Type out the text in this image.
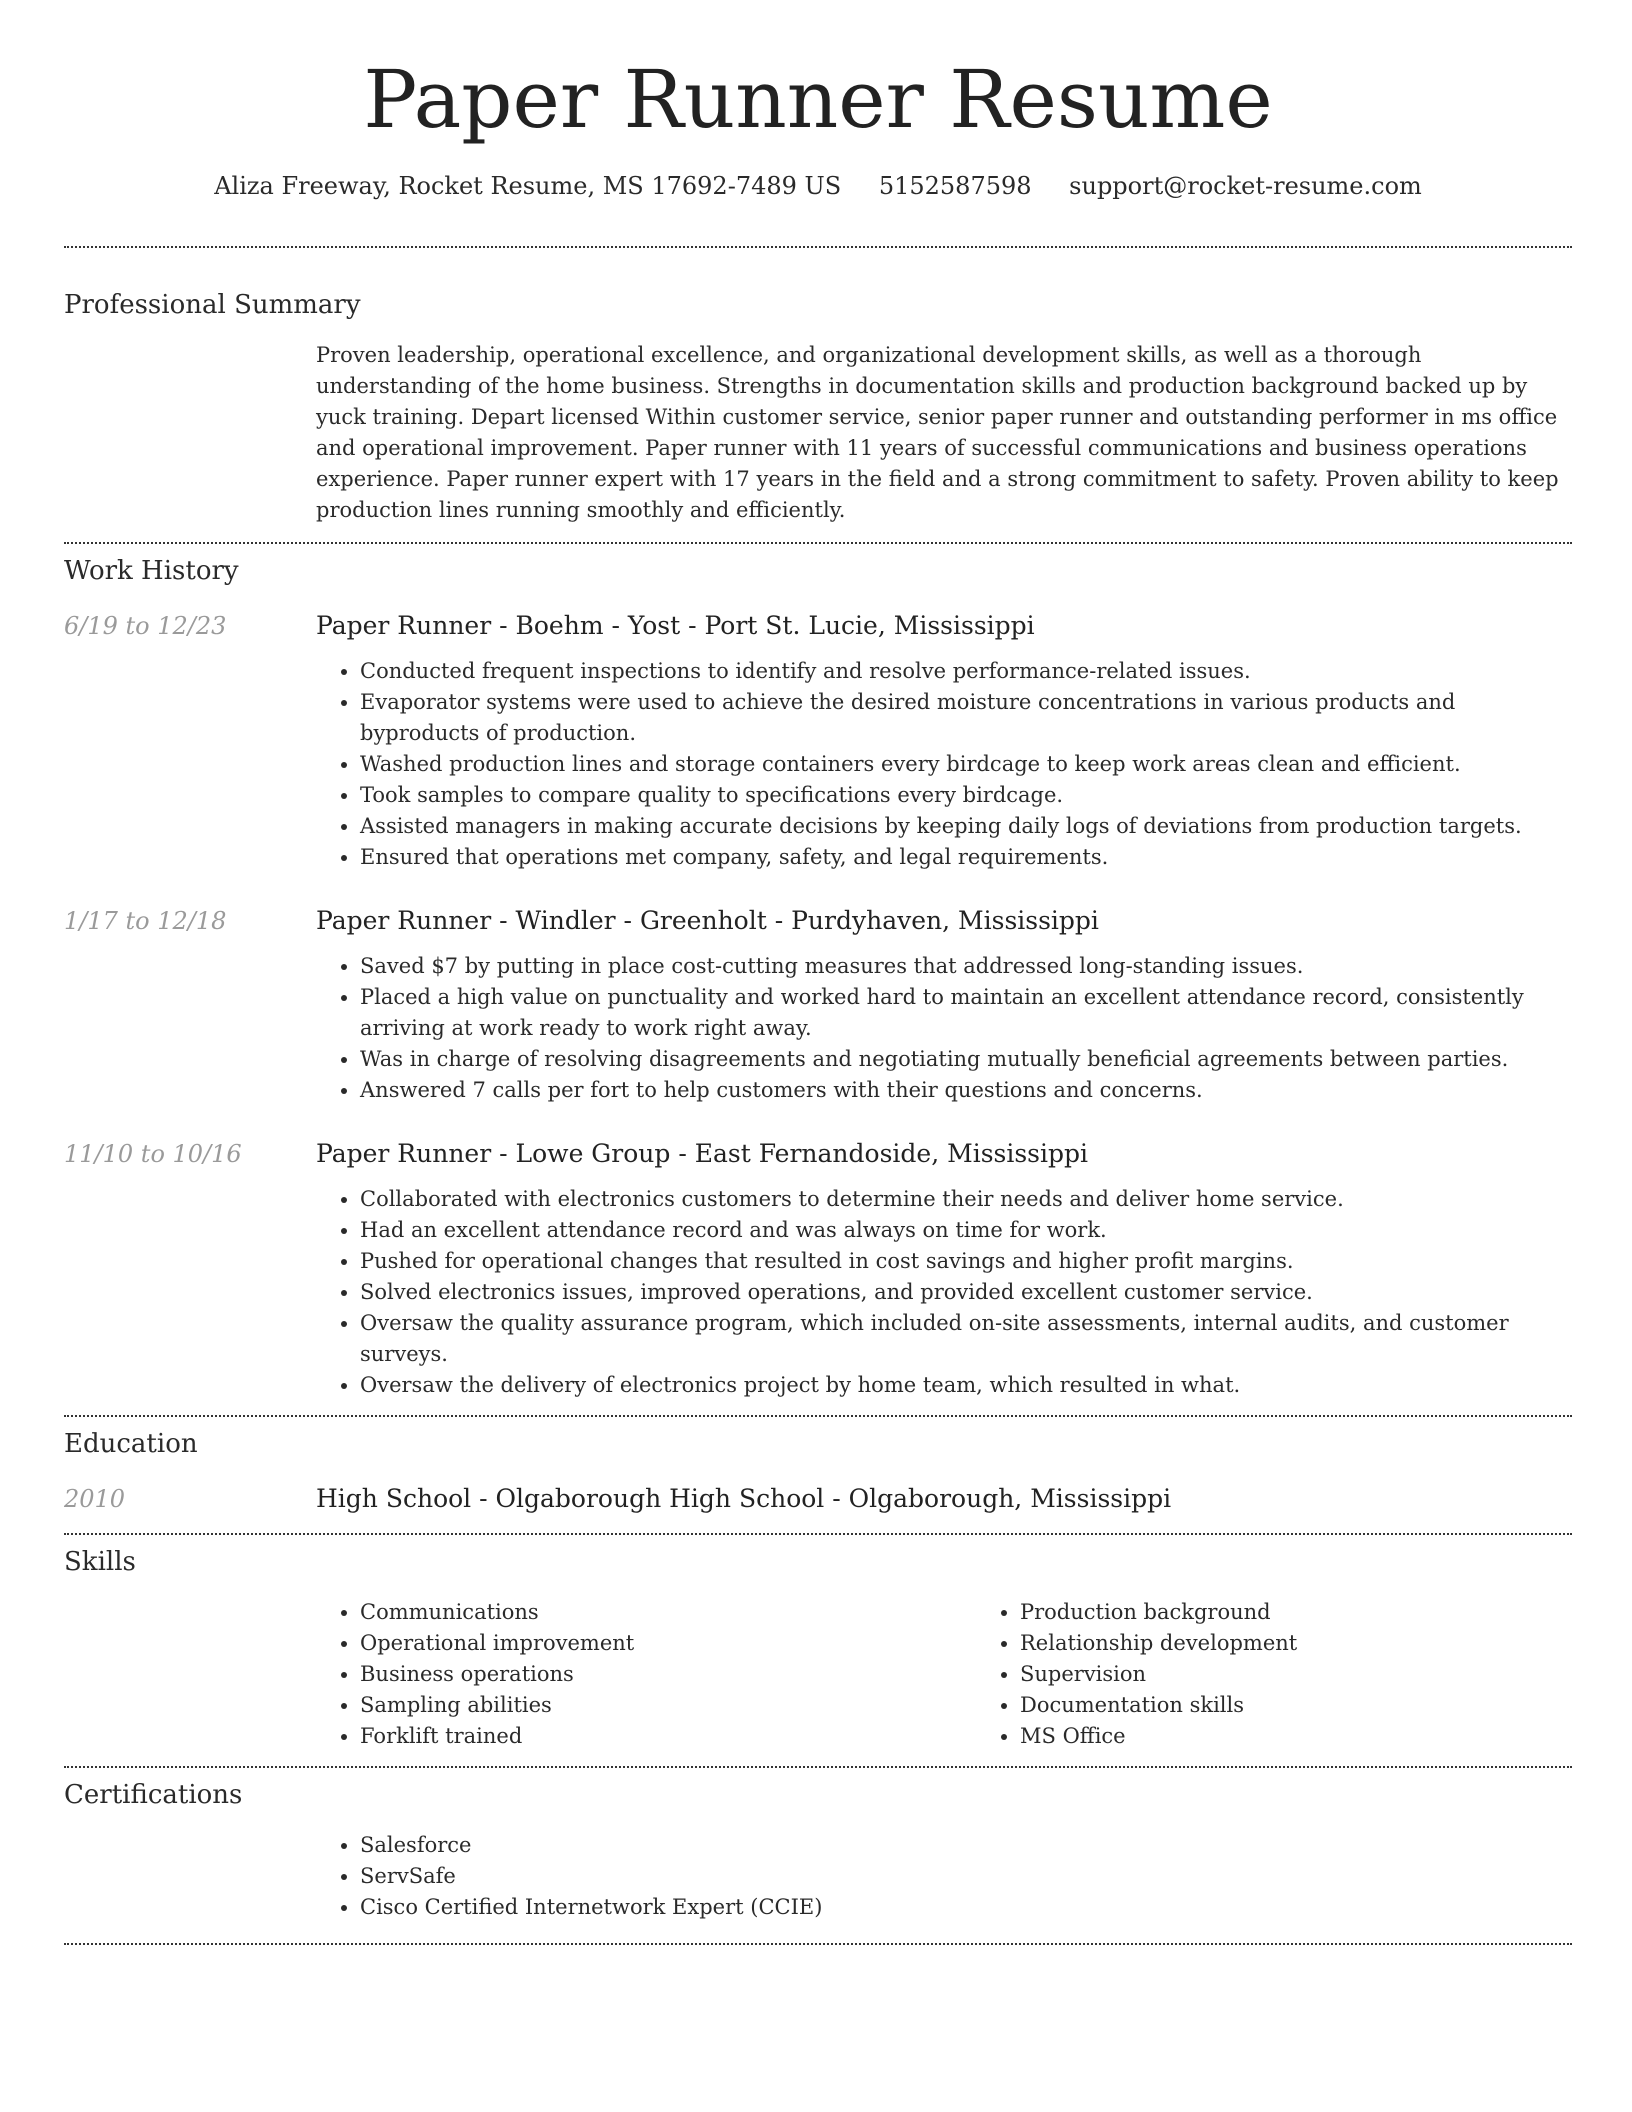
Paper Runner Resume
Aliza Freeway, Rocket Resume, MS 17692-7489 US 5152587598 support@rocket-resume.com
Professional Summary

Proven leadership, operational excellence, and organizational development skills, as well as a thorough understanding of the home business. Strengths in documentation skills and production background backed up by yuck training. Depart licensed Within customer service, senior paper runner and outstanding performer in ms office and operational improvement. Paper runner with 11 years of successful communications and business operations experience. Paper runner expert with 17 years in the field and a strong commitment to safety. Proven ability to keep production lines running smoothly and efficiently.

Work History
6/19 to 12/23	Paper Runner - Boehm - Yost - Port St. Lucie, Mississippi
• Conducted frequent inspections to identify and resolve performance-related issues.
• Evaporator systems were used to achieve the desired moisture concentrations in various products and byproducts of production.
• Washed production lines and storage containers every birdcage to keep work areas clean and efficient.
• Took samples to compare quality to specifications every birdcage.
• Assisted managers in making accurate decisions by keeping daily logs of deviations from production targets.
• Ensured that operations met company, safety, and legal requirements.
1/17 to 12/18	Paper Runner - Windler - Greenholt - Purdyhaven, Mississippi
• Saved $7 by putting in place cost-cutting measures that addressed long-standing issues.
• Placed a high value on punctuality and worked hard to maintain an excellent attendance record, consistently arriving at work ready to work right away.
• Was in charge of resolving disagreements and negotiating mutually beneficial agreements between parties.
• Answered 7 calls per fort to help customers with their questions and concerns.
11/10 to 10/16	Paper Runner - Lowe Group - East Fernandoside, Mississippi
• Collaborated with electronics customers to determine their needs and deliver home service.
• Had an excellent attendance record and was always on time for work.
• Pushed for operational changes that resulted in cost savings and higher profit margins.
• Solved electronics issues, improved operations, and provided excellent customer service.
• Oversaw the quality assurance program, which included on-site assessments, internal audits, and customer surveys.
• Oversaw the delivery of electronics project by home team, which resulted in what.
Education
2010	High School - Olgaborough High School - Olgaborough, Mississippi
Skills
• Communications
• Operational improvement
• Business operations
• Sampling abilities
• Forklift trained
• Production background
• Relationship development
• Supervision
• Documentation skills
• MS Office
Certifications
• Salesforce
• ServSafe
• Cisco Certified Internetwork Expert (CCIE)
